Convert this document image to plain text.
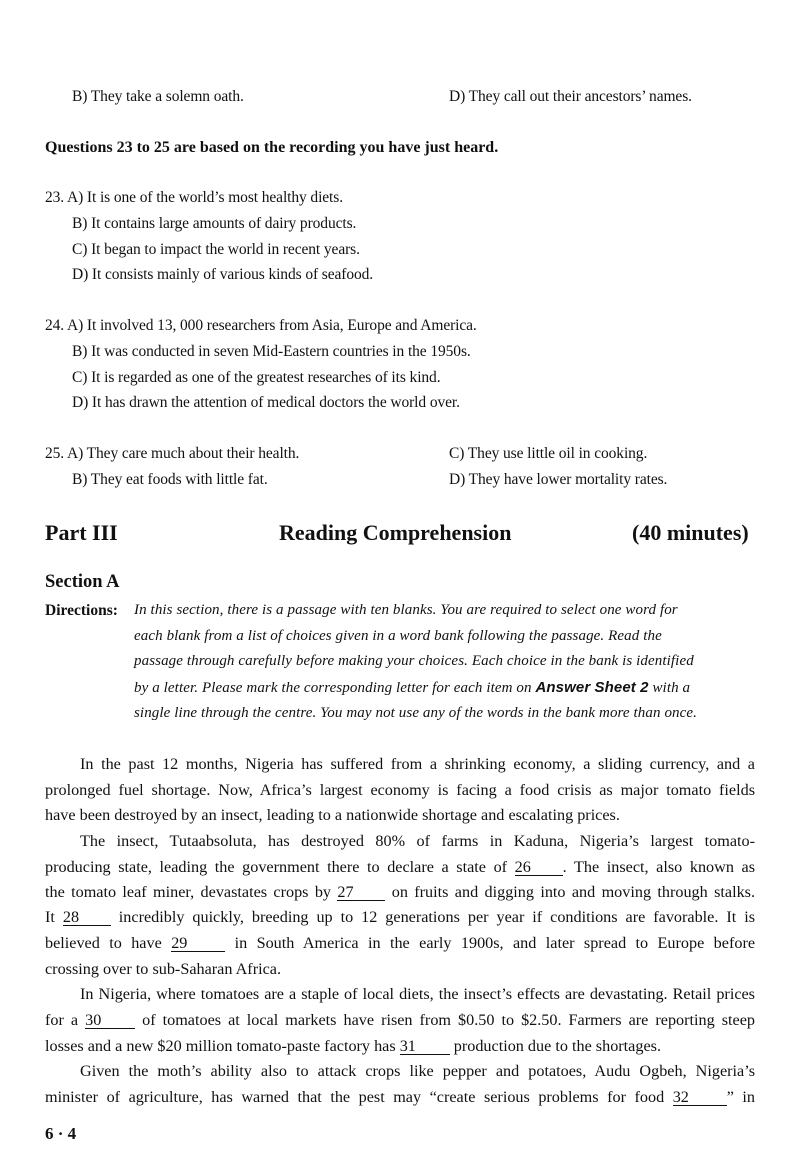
B) They take a solemn oath.	D) They call out their ancestors’ names.
Questions 23 to 25 are based on the recording you have just heard.
23. A) It is one of the world’s most healthy diets.
B) It contains large amounts of dairy products.
C) It began to impact the world in recent years.
D) It consists mainly of various kinds of seafood.
24. A) It involved 13, 000 researchers from Asia, Europe and America.
B) It was conducted in seven Mid-Eastern countries in the 1950s.
C) It is regarded as one of the greatest researches of its kind.
D) It has drawn the attention of medical doctors the world over.
25. A) They care much about their health.	C) They use little oil in cooking.
B) They eat foods with little fat.	D) They have lower mortality rates.
Part III	Reading Comprehension	(40 minutes)
Section A
Directions: In this section, there is a passage with ten blanks. You are required to select one word for
each blank from a list of choices given in a word bank following the passage. Read the
passage through carefully before making your choices. Each choice in the bank is identified
by a letter. Please mark the corresponding letter for each item on Answer Sheet 2 with a
single line through the centre. You may not use any of the words in the bank more than once.
In the past 12 months, Nigeria has suffered from a shrinking economy, a sliding currency, and a
prolonged fuel shortage. Now, Africa’s largest economy is facing a food crisis as major tomato fields
have been destroyed by an insect, leading to a nationwide shortage and escalating prices.
The insect, Tutaabsoluta, has destroyed 80% of farms in Kaduna, Nigeria’s largest tomato-
producing state, leading the government there to declare a state of 26 . The insect, also known as
the tomato leaf miner, devastates crops by 27 on fruits and digging into and moving through stalks.
It 28 incredibly quickly, breeding up to 12 generations per year if conditions are favorable. It is
believed to have 29	in South America in the early 1900s, and later spread to Europe before
crossing over to sub-Saharan Africa.
In Nigeria, where tomatoes are a staple of local diets, the insect’s effects are devastating. Retail prices
for a 30	of tomatoes at local markets have risen from $0.50 to $2.50. Farmers are reporting steep
losses and a new $20 million tomato-paste factory has 31 production due to the shortages.
Given the moth’s ability also to attack crops like pepper and potatoes, Audu Ogbeh, Nigeria’s
minister of agriculture, has warned that the pest may “create serious problems for food 32 ” in
6 · 4
